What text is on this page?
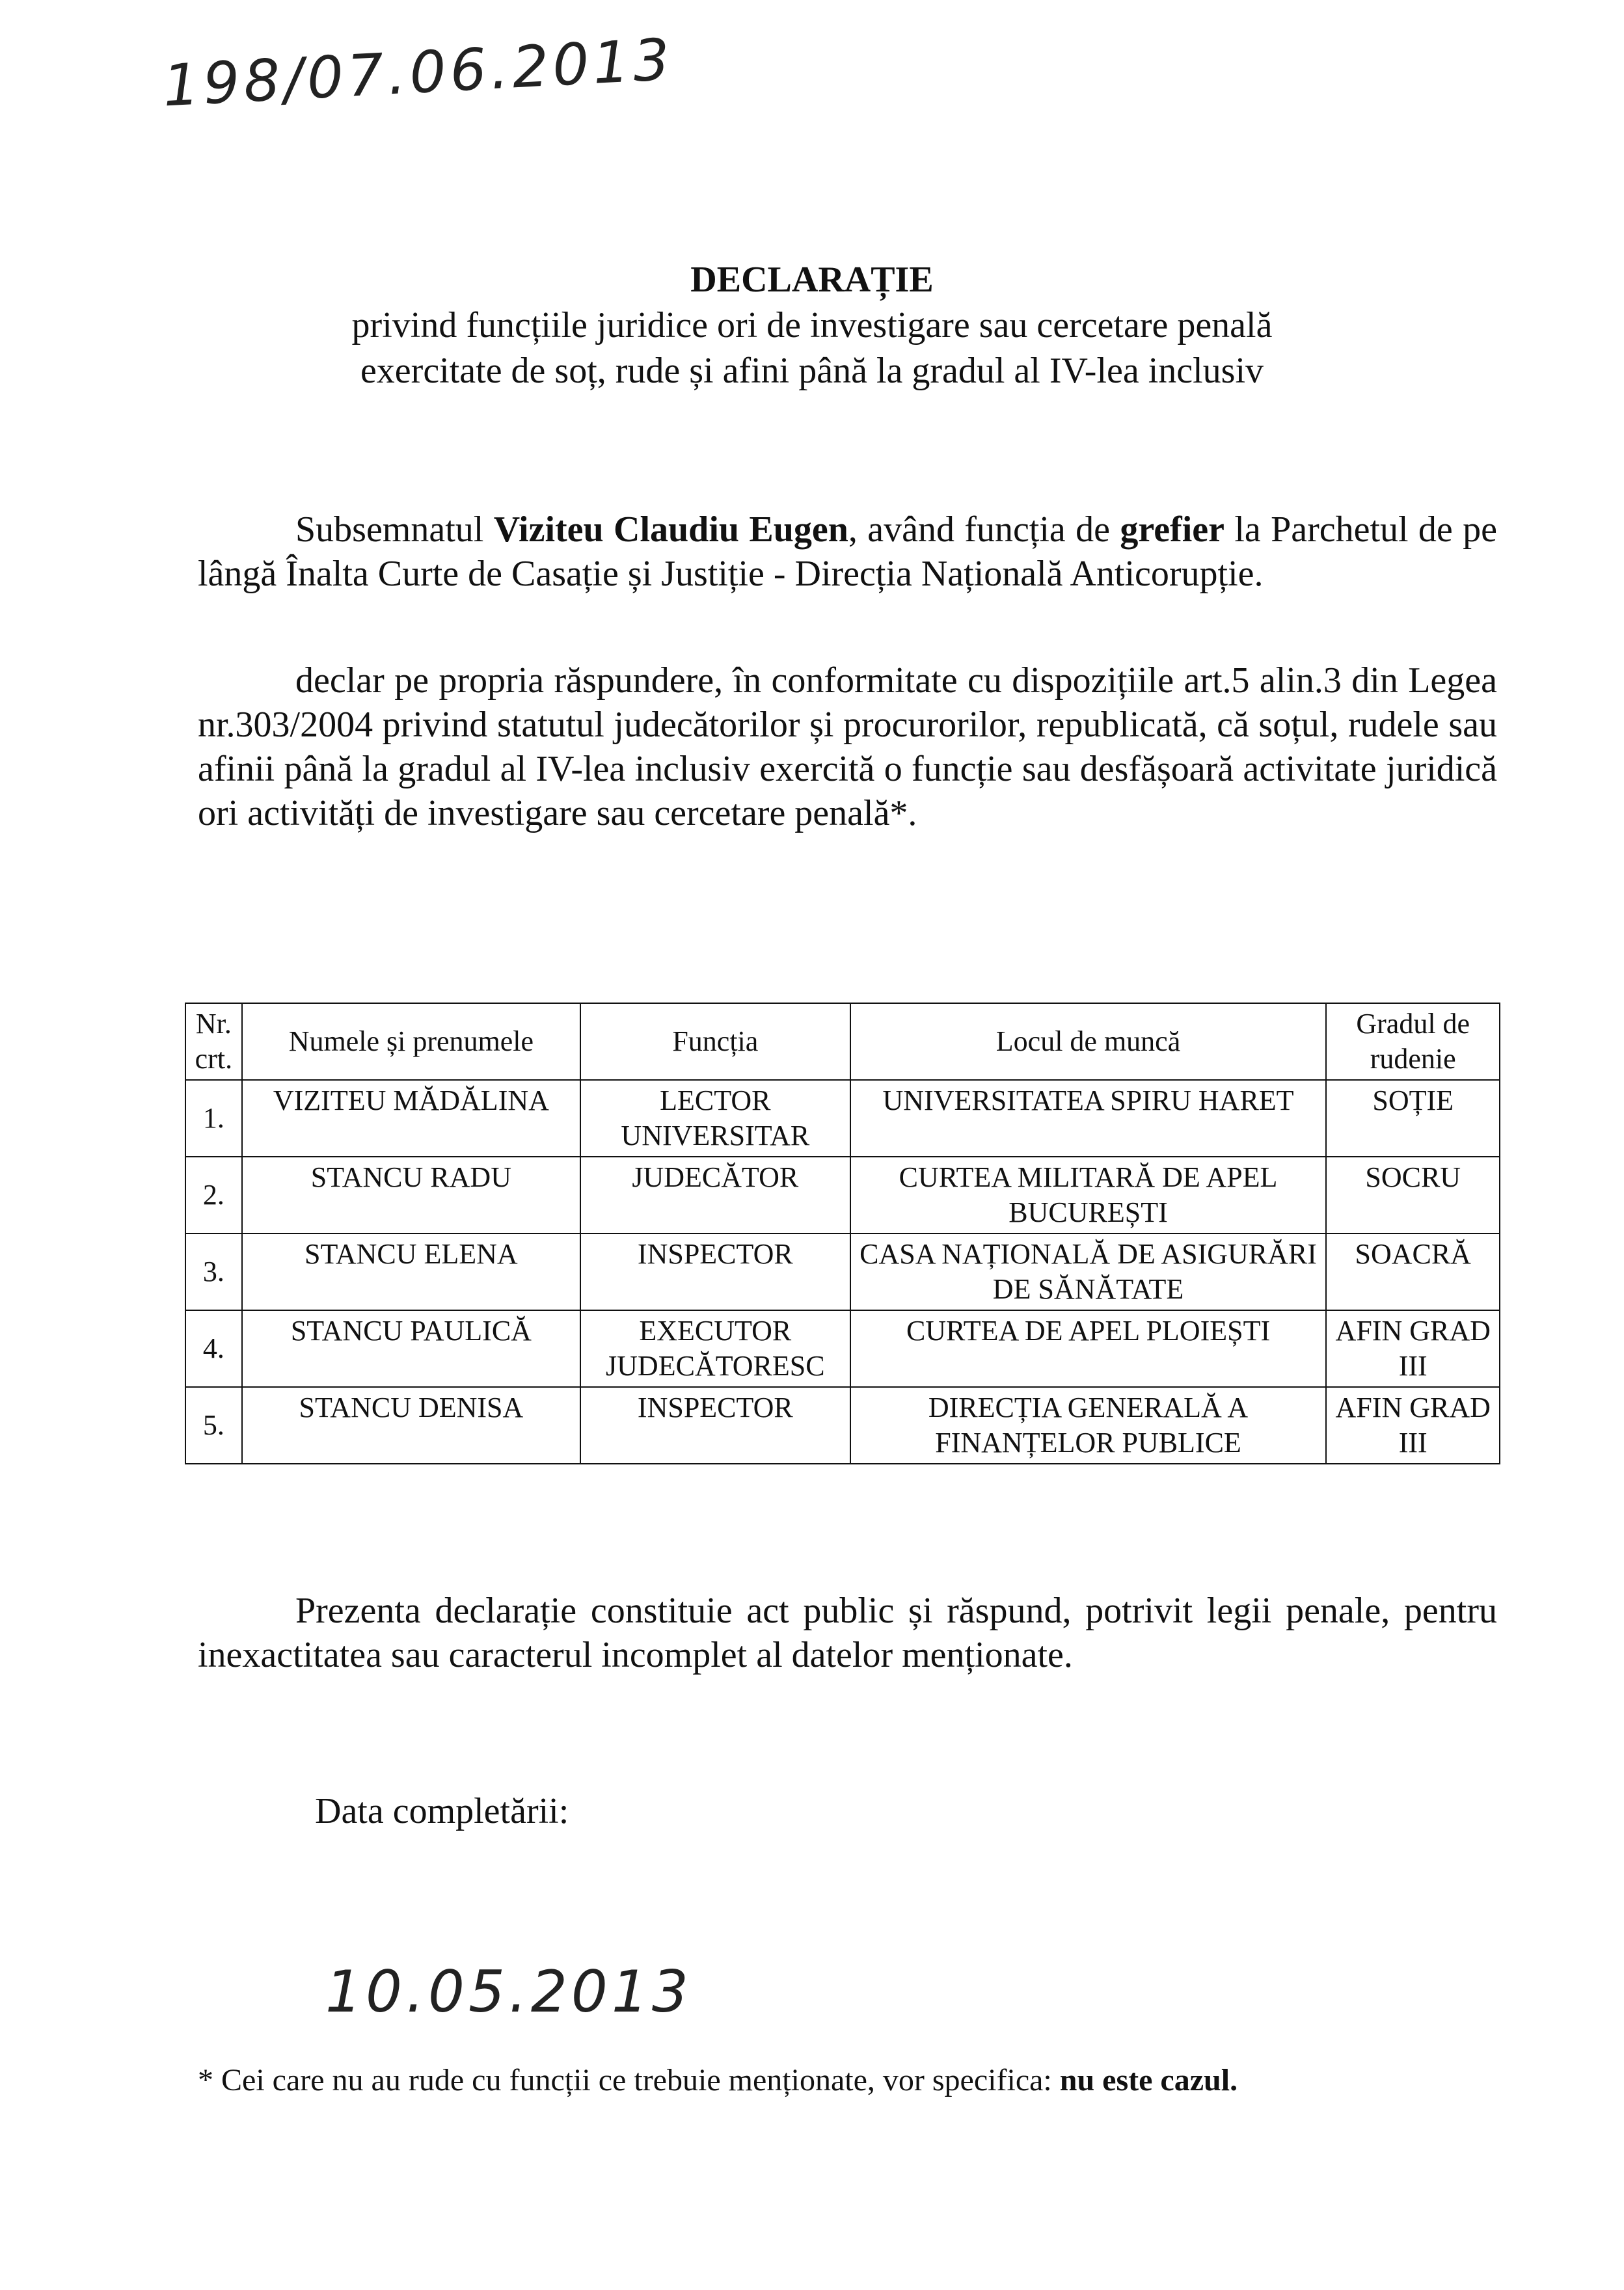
198/07.06.2013
DECLARAȚIE
privind funcțiile juridice ori de investigare sau cercetare penală
exercitate de soț, rude și afini până la gradul al IV-lea inclusiv
Subsemnatul Viziteu Claudiu Eugen, având funcția de grefier la Parchetul de pe lângă Înalta Curte de Casație și Justiție - Direcția Națională Anticorupție.
declar pe propria răspundere, în conformitate cu dispozițiile art.5 alin.3 din Legea nr.303/2004 privind statutul judecătorilor și procurorilor, republicată, că soțul, rudele sau afinii până la gradul al IV-lea inclusiv exercită o funcție sau desfășoară activitate juridică ori activități de investigare sau cercetare penală*.
Nr. crt.	Numele și prenumele	Funcția	Locul de muncă	Gradul de rudenie
1.	VIZITEU MĂDĂLINA	LECTOR UNIVERSITAR	UNIVERSITATEA SPIRU HARET	SOȚIE
2.	STANCU RADU	JUDECĂTOR	CURTEA MILITARĂ DE APEL BUCUREȘTI	SOCRU
3.	STANCU ELENA	INSPECTOR	CASA NAȚIONALĂ DE ASIGURĂRI DE SĂNĂTATE	SOACRĂ
4.	STANCU PAULICĂ	EXECUTOR JUDECĂTORESC	CURTEA DE APEL PLOIEȘTI	AFIN GRAD III
5.	STANCU DENISA	INSPECTOR	DIRECȚIA GENERALĂ A FINANȚELOR PUBLICE	AFIN GRAD III
Prezenta declarație constituie act public și răspund, potrivit legii penale, pentru inexactitatea sau caracterul incomplet al datelor menționate.
Data completării:
10.05.2013
* Cei care nu au rude cu funcții ce trebuie menționate, vor specifica: nu este cazul.
